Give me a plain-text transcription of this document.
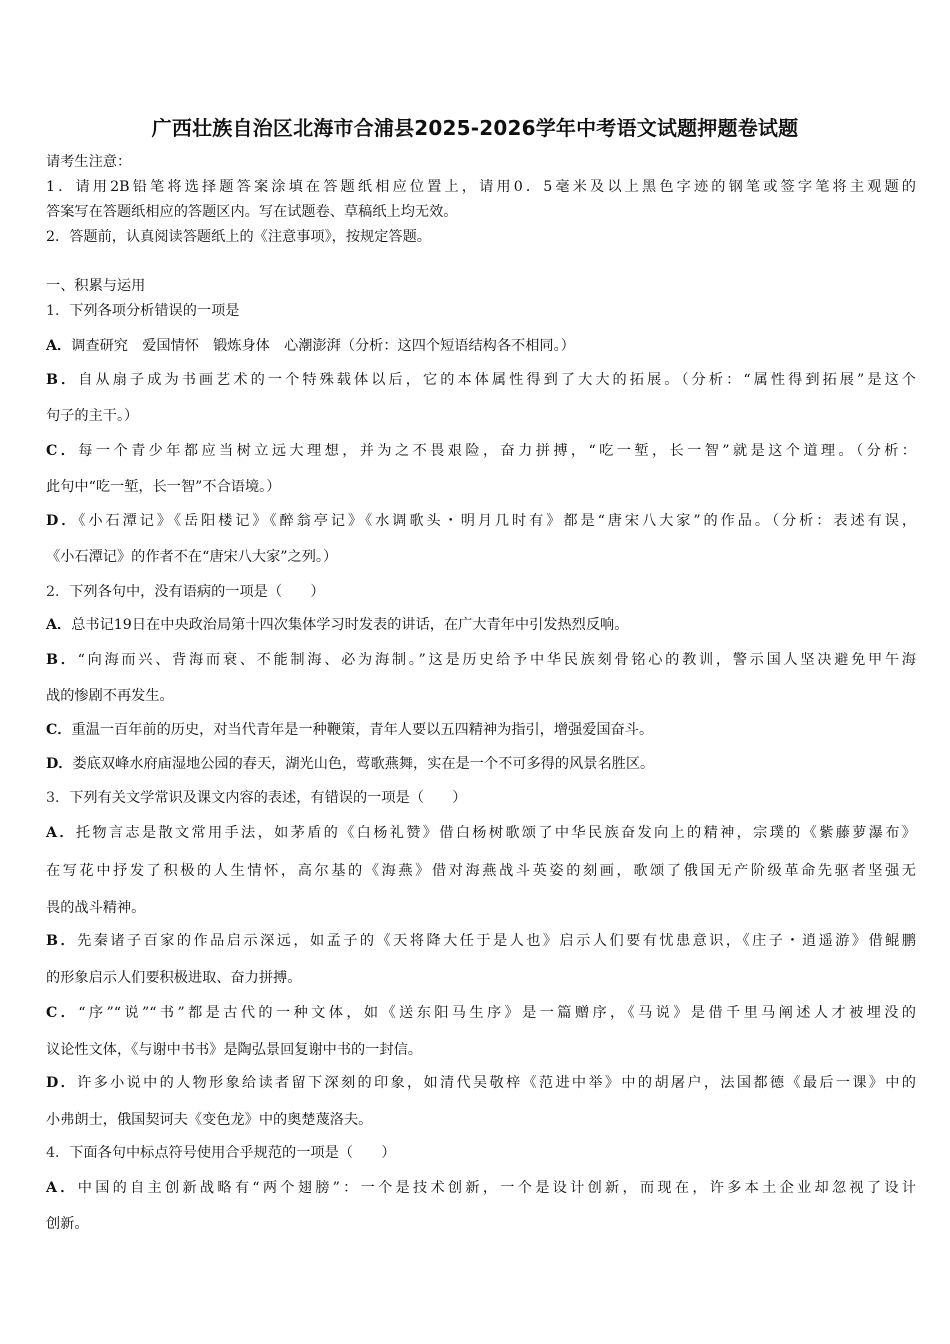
广西壮族自治区北海市合浦县2025-2026学年中考语文试题押题卷试题

请考生注意：

1．请用2B铅笔将选择题答案涂填在答题纸相应位置上，请用0．5毫米及以上黑色字迹的钢笔或签字笔将主观题的

答案写在答题纸相应的答题区内。写在试题卷、草稿纸上均无效。

2．答题前，认真阅读答题纸上的《注意事项》，按规定答题。

一、积累与运用

1．下列各项分析错误的一项是

A．调查研究　爱国情怀　锻炼身体　心潮澎湃（分析：这四个短语结构各不相同。）

B．自从扇子成为书画艺术的一个特殊载体以后，它的本体属性得到了大大的拓展。（分析：“属性得到拓展”是这个

句子的主干。）

C．每一个青少年都应当树立远大理想，并为之不畏艰险，奋力拼搏，“吃一堑，长一智”就是这个道理。（分析：

此句中“吃一堑，长一智”不合语境。）

D．《小石潭记》《岳阳楼记》《醉翁亭记》《水调歌头・明月几时有》都是“唐宋八大家”的作品。（分析：表述有误，

《小石潭记》的作者不在“唐宋八大家”之列。）

2．下列各句中，没有语病的一项是（　　）

A．总书记19日在中央政治局第十四次集体学习时发表的讲话，在广大青年中引发热烈反响。

B．“向海而兴、背海而衰、不能制海、必为海制。”这是历史给予中华民族刻骨铭心的教训，警示国人坚决避免甲午海

战的惨剧不再发生。

C．重温一百年前的历史，对当代青年是一种鞭策，青年人要以五四精神为指引，增强爱国奋斗。

D．娄底双峰水府庙湿地公园的春天，湖光山色，莺歌燕舞，实在是一个不可多得的风景名胜区。

3．下列有关文学常识及课文内容的表述，有错误的一项是（　　）

A．托物言志是散文常用手法，如茅盾的《白杨礼赞》借白杨树歌颂了中华民族奋发向上的精神，宗璞的《紫藤萝瀑布》

在写花中抒发了积极的人生情怀，高尔基的《海燕》借对海燕战斗英姿的刻画，歌颂了俄国无产阶级革命先驱者坚强无

畏的战斗精神。

B．先秦诸子百家的作品启示深远，如孟子的《天将降大任于是人也》启示人们要有忧患意识，《庄子・逍遥游》借鲲鹏

的形象启示人们要积极进取、奋力拼搏。

C．“序”“说”“书”都是古代的一种文体，如《送东阳马生序》是一篇赠序，《马说》是借千里马阐述人才被埋没的

议论性文体，《与谢中书书》是陶弘景回复谢中书的一封信。

D．许多小说中的人物形象给读者留下深刻的印象，如清代吴敬梓《范进中举》中的胡屠户，法国都德《最后一课》中的

小弗朗士，俄国契诃夫《变色龙》中的奥楚蔑洛夫。

4．下面各句中标点符号使用合乎规范的一项是（　　）

A．中国的自主创新战略有“两个翅膀”：一个是技术创新，一个是设计创新，而现在，许多本土企业却忽视了设计

创新。
